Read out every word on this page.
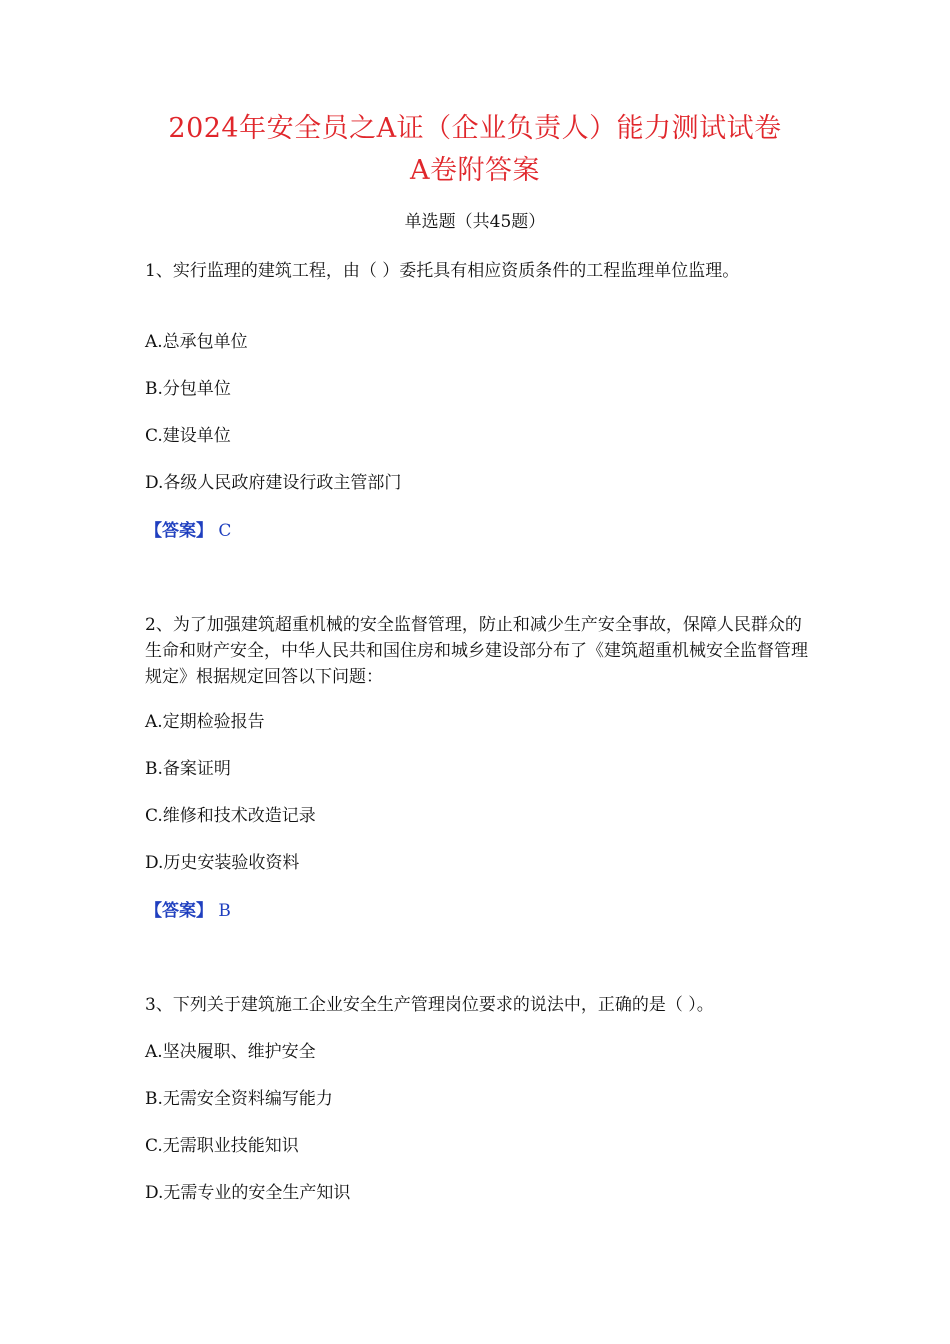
2024年安全员之A证（企业负责人）能力测试试卷
A卷附答案
单选题（共45题）

1、实行监理的建筑工程，由（ ）委托具有相应资质条件的工程监理单位监理。

A.总承包单位

B.分包单位

C.建设单位

D.各级人民政府建设行政主管部门

【答案】 C

2、为了加强建筑超重机械的安全监督管理，防止和减少生产安全事故，保障人民群众的生命和财产安全，中华人民共和国住房和城乡建设部分布了《建筑超重机械安全监督管理规定》根据规定回答以下问题：

A.定期检验报告

B.备案证明

C.维修和技术改造记录

D.历史安装验收资料

【答案】 B

3、下列关于建筑施工企业安全生产管理岗位要求的说法中，正确的是（ ）。

A.坚决履职、维护安全

B.无需安全资料编写能力

C.无需职业技能知识

D.无需专业的安全生产知识
